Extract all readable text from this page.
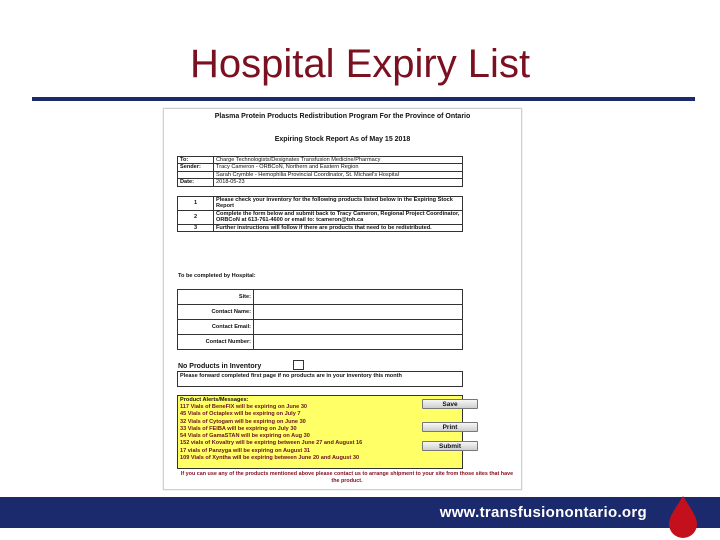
Hospital Expiry List
Plasma Protein Products Redistribution Program For the Province of Ontario
Expiring Stock Report As of May 15 2018
To:	Charge Technologists/Designates Transfusion Medicine/Pharmacy
Sender:	Tracy Cameron - ORBCoN, Northern and Eastern Region
	Sarah Crymble - Hemophilia Provincial Coordinator, St. Michael's Hospital
Date:	2018-05-23
1	Please check your inventory for the following products listed below in the Expiring Stock Report
2	Complete the form below and submit back to Tracy Cameron, Regional Project Coordinator, ORBCoN at 613-761-4600 or email to: tcameron@toh.ca
3	Further instructions will follow if there are products that need to be redistributed.
To be completed by Hospital:
Site:	
Contact Name:	
Contact Email:	
Contact Number:	
No Products in Inventory
Please forward completed first page if no products are in your inventory this month
Product Alerts/Messages:
117 Vials of BeneFIX will be expiring on June 30
45 Vials of Octaplex will be expiring on July 7
32 Vials of Cytogam will be expiring on June 30
33 Vials of FEIBA will be expiring on July 30
54 Vials of GamaSTAN will be expiring on Aug 30
152 vials of Kovaltry will be expiring between June 27 and August 16
17 vials of Panzyga will be expiring on August 31
109 Vials of Xyntha will be expiring between June 20 and August 30
Save
Print
Submit
If you can use any of the products mentioned above please contact us to arrange shipment to your site from those sites that have the product.
www.transfusionontario.org
